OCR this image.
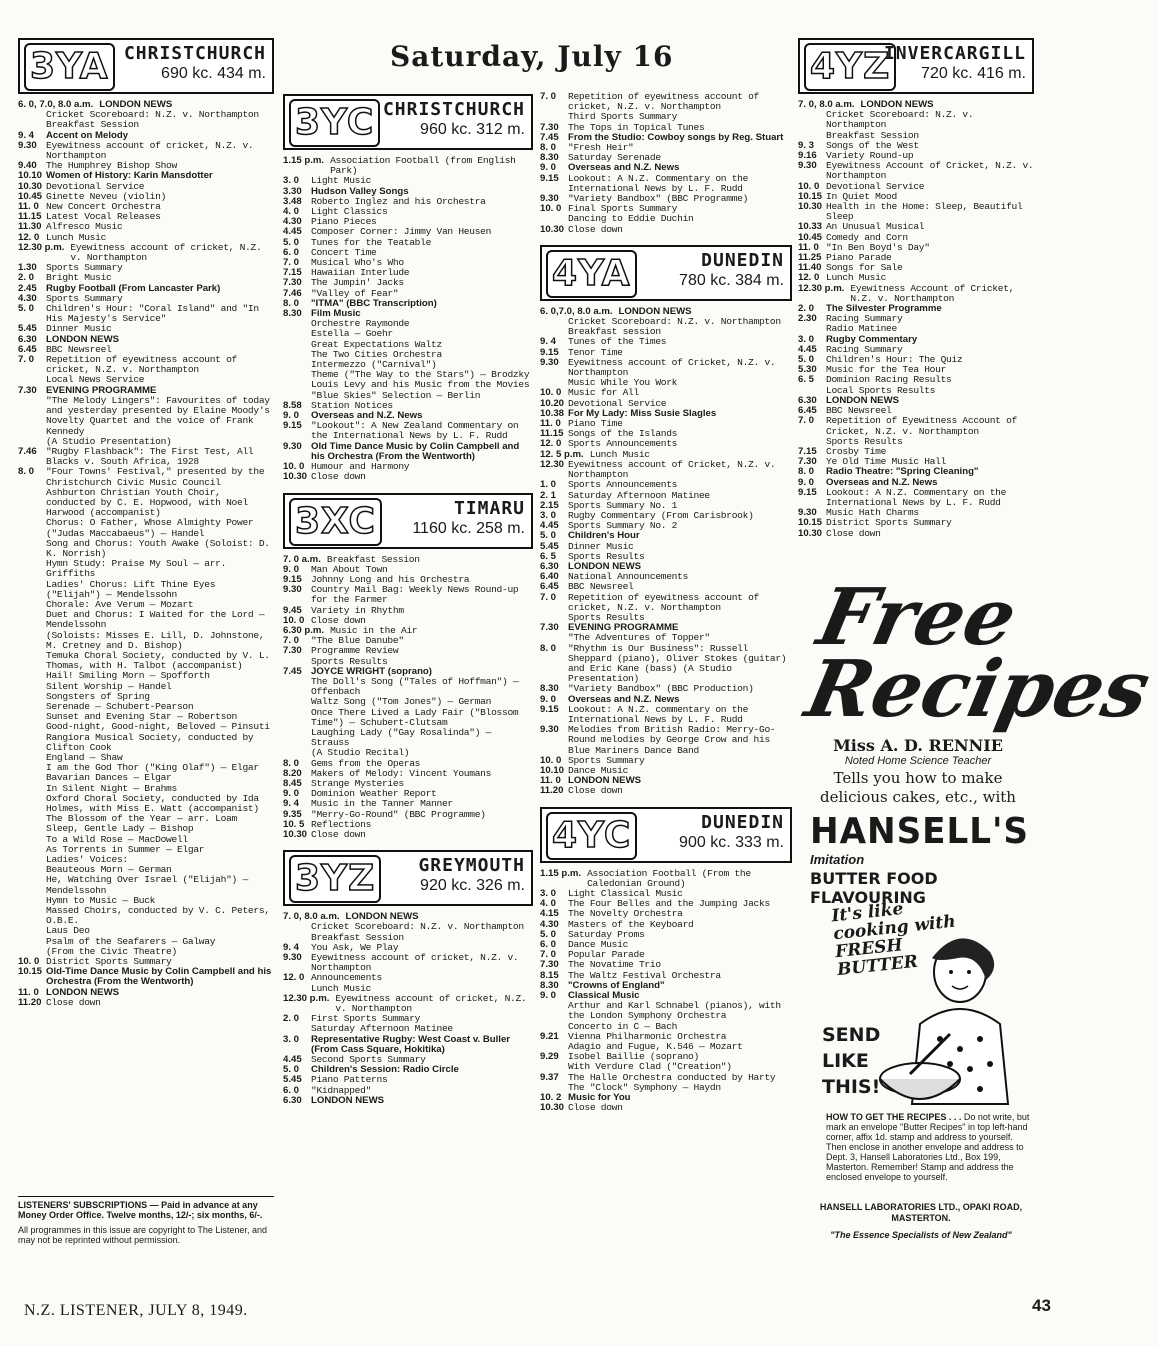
Saturday, July 16
3YA CHRISTCHURCH
690 kc. 434 m.
6. 0, 7.0, 8.0 a.m. LONDON NEWS
Cricket Scoreboard: N.Z. v. Northampton
Breakfast Session
9. 4	Accent on Melody
9.30 Eyewitness account of cricket, N.Z. v. Northampton
9.40 The Humphrey Bishop Show
10.10 Women of History: Karin Mansdotter
10.30 Devotional Service
10.45 Ginette Neveu (violin)
11. 0 New Concert Orchestra
11.15 Latest Vocal Releases
11.30 Alfresco Music
12. 0 Lunch Music
12.30 p.m. Eyewitness account of cricket, N.Z. v. Northampton
1.30 Sports Summary
2. 0	Bright Music
2.45 Rugby Football (From Lancaster Park)
4.30 Sports Summary
5. 0	Children's Hour: "Coral Island" and "In His Majesty's Service"
5.45 Dinner Music
6.30 LONDON NEWS
6.45 BBC Newsreel
7. 0	Repetition of eyewitness account of cricket, N.Z. v. Northampton
Local News Service
7.30 EVENING PROGRAMME
"The Melody Lingers": Favourites of today and yesterday presented by Elaine Moody's Novelty Quartet and the voice of Frank Kennedy
(A Studio Presentation)
7.46 "Rugby Flashback": The First Test, All Blacks v. South Africa, 1928
8. 0	"Four Towns' Festival," presented by the Christchurch Civic Music Council
Ashburton Christian Youth Choir, conducted by C. E. Hopwood, with Noel Harwood (accompanist)
Chorus: O Father, Whose Almighty Power ("Judas Maccabaeus") — Handel
Song and Chorus: Youth Awake (Soloist: D. K. Norrish)
Hymn Study: Praise My Soul — arr. Griffiths
Ladies' Chorus: Lift Thine Eyes ("Elijah") — Mendelssohn
Chorale: Ave Verum — Mozart
Duet and Chorus: I Waited for the Lord — Mendelssohn
(Soloists: Misses E. Lill, D. Johnstone, M. Cretney and D. Bishop)
Temuka Choral Society, conducted by V. L. Thomas, with H. Talbot (accompanist)
Hail! Smiling Morn — Spofforth
Silent Worship — Handel
Songsters of Spring
Serenade — Schubert-Pearson
Sunset and Evening Star — Robertson
Good-night, Good-night, Beloved — Pinsuti
Rangiora Musical Society, conducted by Clifton Cook
England — Shaw
I am the God Thor ("King Olaf") — Elgar
Bavarian Dances — Elgar
In Silent Night — Brahms
Oxford Choral Society, conducted by Ida Holmes, with Miss E. Watt (accompanist)
The Blossom of the Year — arr. Loam
Sleep, Gentle Lady — Bishop
To a Wild Rose — MacDowell
As Torrents in Summer — Elgar
Ladies' Voices:
Beauteous Morn — German
He, Watching Over Israel ("Elijah") — Mendelssohn
Hymn to Music — Buck
Massed Choirs, conducted by V. C. Peters, O.B.E.
Laus Deo
Psalm of the Seafarers — Galway
(From the Civic Theatre)
10. 0 District Sports Summary
10.15 Old-Time Dance Music by Colin Campbell and his Orchestra (From the Wentworth)
11. 0 LONDON NEWS
11.20 Close down
3YC CHRISTCHURCH
960 kc. 312 m.
1.15 p.m. Association Football (from English Park)
3. 0	Light Music
3.30 Hudson Valley Songs
3.48 Roberto Inglez and his Orchestra
4. 0	Light Classics
4.30 Piano Pieces
4.45 Composer Corner: Jimmy Van Heusen
5. 0	Tunes for the Teatable
6. 0	Concert Time
7. 0	Musical Who's Who
7.15 Hawaiian Interlude
7.30 The Jumpin' Jacks
7.46 "Valley of Fear"
8. 0	"ITMA" (BBC Transcription)
8.30 Film Music
Orchestre Raymonde
Estella — Goehr
Great Expectations Waltz
The Two Cities Orchestra
Intermezzo ("Carnival")
Theme ("The Way to the Stars") — Brodzky
Louis Levy and his Music from the Movies
"Blue Skies" Selection — Berlin
8.58 Station Notices
9. 0	Overseas and N.Z. News
9.15 "Lookout": A New Zealand Commentary on the International News by L. F. Rudd
9.30 Old Time Dance Music by Colin Campbell and his Orchestra (From the Wentworth)
10. 0 Humour and Harmony
10.30 Close down
3XC	TIMARU
1160 kc. 258 m.
7. 0 a.m. Breakfast Session
9. 0	Man About Town
9.15 Johnny Long and his Orchestra
9.30 Country Mail Bag: Weekly News Round-up for the Farmer
9.45 Variety in Rhythm
10. 0 Close down
6.30 p.m. Music in the Air
7. 0	"The Blue Danube"
7.30 Programme Review
Sports Results
7.45 JOYCE WRIGHT (soprano)
The Doll's Song ("Tales of Hoffman") — Offenbach
Waltz Song ("Tom Jones") — German
Once There Lived a Lady Fair ("Blossom Time") — Schubert-Clutsam
Laughing Lady ("Gay Rosalinda") — Strauss
(A Studio Recital)
8. 0	Gems from the Operas
8.20 Makers of Melody: Vincent Youmans
8.45 Strange Mysteries
9. 0	Dominion Weather Report
9. 4	Music in the Tanner Manner
9.35 "Merry-Go-Round" (BBC Programme)
10. 5 Reflections
10.30 Close down
3YZ	GREYMOUTH
920 kc. 326 m.
7. 0, 8.0 a.m. LONDON NEWS
Cricket Scoreboard: N.Z. v. Northampton
Breakfast Session
9. 4	You Ask, We Play
9.30 Eyewitness account of cricket, N.Z. v. Northampton
12. 0 Announcements
Lunch Music
12.30 p.m. Eyewitness account of cricket, N.Z. v. Northampton
2. 0	First Sports Summary
Saturday Afternoon Matinee
3. 0	Representative Rugby: West Coast v. Buller (From Cass Square, Hokitika)
4.45 Second Sports Summary
5. 0	Children's Session: Radio Circle
5.45 Piano Patterns
6. 0	"Kidnapped"
6.30 LONDON NEWS
7. 0	Repetition of eyewitness account of cricket, N.Z. v. Northampton
Third Sports Summary
7.30 The Tops in Topical Tunes
7.45 From the Studio: Cowboy songs by Reg. Stuart
8. 0	"Fresh Heir"
8.30 Saturday Serenade
9. 0	Overseas and N.Z. News
9.15 Lookout: A N.Z. Commentary on the International News by L. F. Rudd
9.30 "Variety Bandbox" (BBC Programme)
10. 0 Final Sports Summary
Dancing to Eddie Duchin
10.30 Close down
4YA	DUNEDIN
780 kc. 384 m.
6. 0,7.0, 8.0 a.m. LONDON NEWS
Cricket Scoreboard: N.Z. v. Northampton
Breakfast session
9. 4	Tunes of the Times
9.15 Tenor Time
9.30 Eyewitness account of Cricket, N.Z. v. Northampton
Music While You Work
10. 0 Music for All
10.20 Devotional Service
10.38 For My Lady: Miss Susie Slagles
11. 0 Piano Time
11.15 Songs of the Islands
12. 0 Sports Announcements
12. 5 p.m. Lunch Music
12.30 Eyewitness account of Cricket, N.Z. v. Northampton
1. 0	Sports Announcements
2. 1	Saturday Afternoon Matinee
2.15 Sports Summary No. 1
3. 0	Rugby Commentary (From Carisbrook)
4.45 Sports Summary No. 2
5. 0	Children's Hour
5.45 Dinner Music
6. 5	Sports Results
6.30 LONDON NEWS
6.40 National Announcements
6.45 BBC Newsreel
7. 0	Repetition of eyewitness account of cricket, N.Z. v. Northampton
Sports Results
7.30 EVENING PROGRAMME
"The Adventures of Topper"
8. 0	"Rhythm is Our Business": Russell Sheppard (piano), Oliver Stokes (guitar) and Eric Kane (bass) (A Studio Presentation)
8.30 "Variety Bandbox" (BBC Production)
9. 0	Overseas and N.Z. News
9.15 Lookout: A N.Z. commentary on the International News by L. F. Rudd
9.30 Melodies from British Radio: Merry-Go-Round melodies by George Crow and his Blue Mariners Dance Band
10. 0 Sports Summary
10.10 Dance Music
11. 0 LONDON NEWS
11.20 Close down
4YC	DUNEDIN
900 kc. 333 m.
1.15 p.m. Association Football (From the Caledonian Ground)
3. 0	Light Classical Music
4. 0	The Four Belles and the Jumping Jacks
4.15 The Novelty Orchestra
4.30 Masters of the Keyboard
5. 0	Saturday Proms
6. 0	Dance Music
7. 0	Popular Parade
7.30 The Novatime Trio
8.15 The Waltz Festival Orchestra
8.30 "Crowns of England"
9. 0	Classical Music
Arthur and Karl Schnabel (pianos), with the London Symphony Orchestra
Concerto in C — Bach
9.21 Vienna Philharmonic Orchestra
Adagio and Fugue, K.546 — Mozart
9.29 Isobel Baillie (soprano)
With Verdure Clad ("Creation")
9.37 The Halle Orchestra conducted by Harty
The "Clock" Symphony — Haydn
10. 2 Music for You
10.30 Close down
4YZ
INVERCARGILL
720 kc. 416 m.
7. 0, 8.0 a.m. LONDON NEWS
Cricket Scoreboard: N.Z. v. Northampton
Breakfast Session
9. 3	Songs of the West
9.16 Variety Round-up
9.30 Eyewitness Account of Cricket, N.Z. v. Northampton
10. 0 Devotional Service
10.15 In Quiet Mood
10.30 Health in the Home: Sleep, Beautiful Sleep
10.33 An Unusual Musical
10.45 Comedy and Corn
11. 0 "In Ben Boyd's Day"
11.25 Piano Parade
11.40 Songs for Sale
12. 0 Lunch Music
12.30 p.m. Eyewitness Account of Cricket, N.Z. v. Northampton
2. 0	The Silvester Programme
2.30 Racing Summary
Radio Matinee
3. 0	Rugby Commentary
4.45 Racing Summary
5. 0	Children's Hour: The Quiz
5.30 Music for the Tea Hour
6. 5	Dominion Racing Results
Local Sports Results
6.30 LONDON NEWS
6.45 BBC Newsreel
7. 0	Repetition of Eyewitness Account of Cricket, N.Z. v. Northampton
Sports Results
7.15 Crosby Time
7.30 Ye Old Time Music Hall
8. 0	Radio Theatre: "Spring Cleaning"
9. 0	Overseas and N.Z. News
9.15 Lookout: A N.Z. Commentary on the International News by L. F. Rudd
9.30 Music Hath Charms
10.15 District Sports Summary
10.30 Close down
Free
Recipes
Miss A. D. RENNIE
Noted Home Science Teacher
Tells you how to make delicious cakes, etc., with
HANSELL'S
Imitation
BUTTER FOOD FLAVOURING
It's like cooking with FRESH BUTTER
SEND LIKE THIS!
HOW TO GET THE RECIPES . . . Do not write, but mark an envelope "Butter Recipes" in top left-hand corner, affix 1d. stamp and address to yourself. Then enclose in another envelope and address to Dept. 3, Hansell Laboratories Ltd., Box 199, Masterton. Remember! Stamp and address the enclosed envelope to yourself.
HANSELL LABORATORIES LTD., OPAKI ROAD, MASTERTON.
"The Essence Specialists of New Zealand"
LISTENERS' SUBSCRIPTIONS — Paid in advance at any Money Order Office. Twelve months, 12/-; six months, 6/-.
All programmes in this issue are copyright to The Listener, and may not be reprinted without permission.
N.Z. LISTENER, JULY 8, 1949.	43
